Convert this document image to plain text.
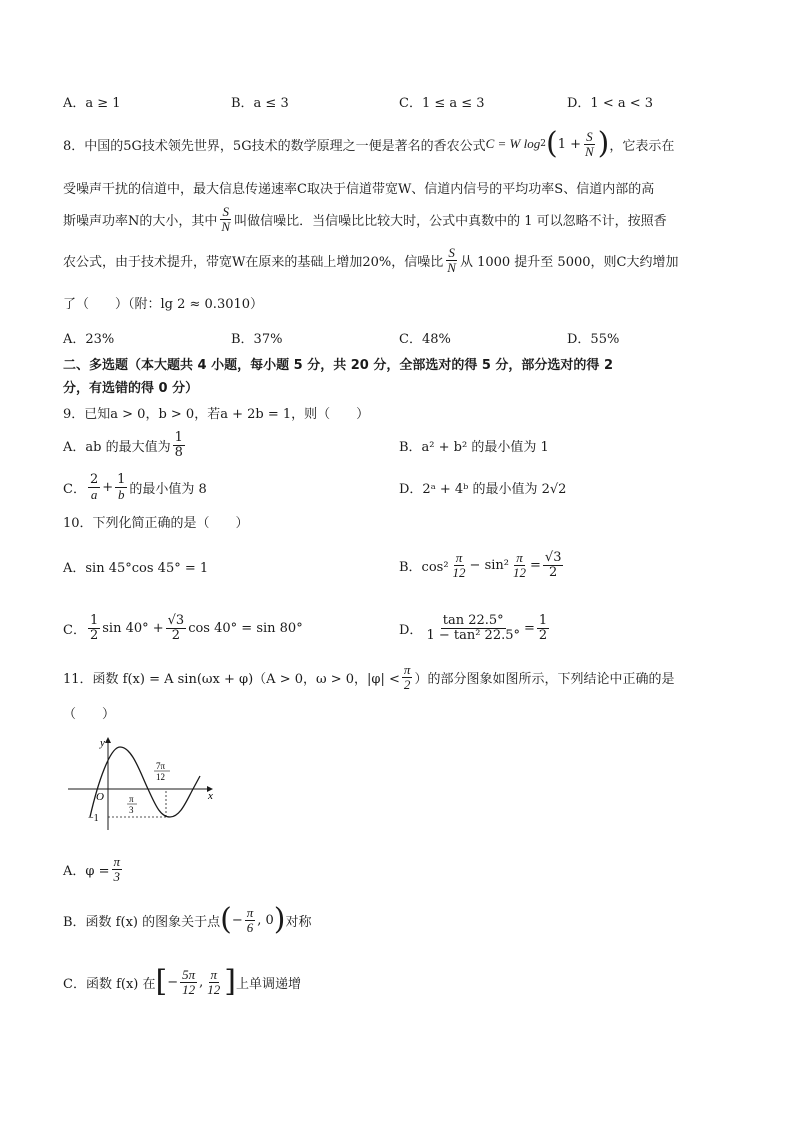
A．a ≥ 1	B．a ≤ 3	C．1 ≤ a ≤ 3	D．1 < a < 3
8．中国的5G技术领先世界，5G技术的数学原理之一便是著名的香农公式 C = W log 2 ( $1 + \frac{S}{N}$ ) ，它表示在
受噪声干扰的信道中，最大信息传递速率C取决于信道带宽W、信道内信号的平均功率S、信道内部的高
斯噪声功率N的大小，其中 $\frac{S}{N}$ 叫做信噪比．当信噪比比较大时，公式中真数中的 1 可以忽略不计，按照香
农公式，由于技术提升，带宽W在原来的基础上增加20%，信噪比 $\frac{S}{N}$ 从 1000 提升至 5000，则C大约增加
了（　　）（附：lg 2 ≈ 0.3010）
A．23%	B．37%	C．48%	D．55%
二、多选题（本大题共 4 小题，每小题 5 分，共 20 分，全部选对的得 5 分，部分选对的得 2
分，有选错的得 0 分）
9．已知a > 0，b > 0，若a + 2b = 1，则（　　）
A．ab 的最大值为 $\frac{1}{8}$	B．a² + b² 的最小值为 1
C． $\frac{2}{a} + \frac{1}{b}$ 的最小值为 8	D．2ᵃ + 4ᵇ 的最小值为 2√2
10．下列化简正确的是（　　）
A．sin 45°cos 45° = 1	B．$\cos^2 \frac{\pi}{12} - \sin^2 \frac{\pi}{12} = \frac{√3}{2}$
C． $\frac{1}{2}$ $\sin 40^\circ + \frac{√3}{2}$ cos 40° = sin 80°	D． $\frac{\tan 22.5^\circ}{\text{1 − tan² 22.5°}} = \frac{1}{2}$
11．函数 f(x) = A sin(ωx + φ)（A > 0，ω > 0，$|\varphi| < \frac{\pi}{2}$ ）的部分图象如图所示，下列结论中正确的是
（　　）
y
x
O
−1
π
3
7π
12
A．$\varphi = \frac{\pi}{3}$
B．函数 f(x) 的图象关于点 ( − $\frac{\pi}{6}$ , 0 ) 对称
C．函数 f(x) 在 [ − $\frac{5\pi}{12}$ , $\frac{\pi}{12}$ ] 上单调递增
